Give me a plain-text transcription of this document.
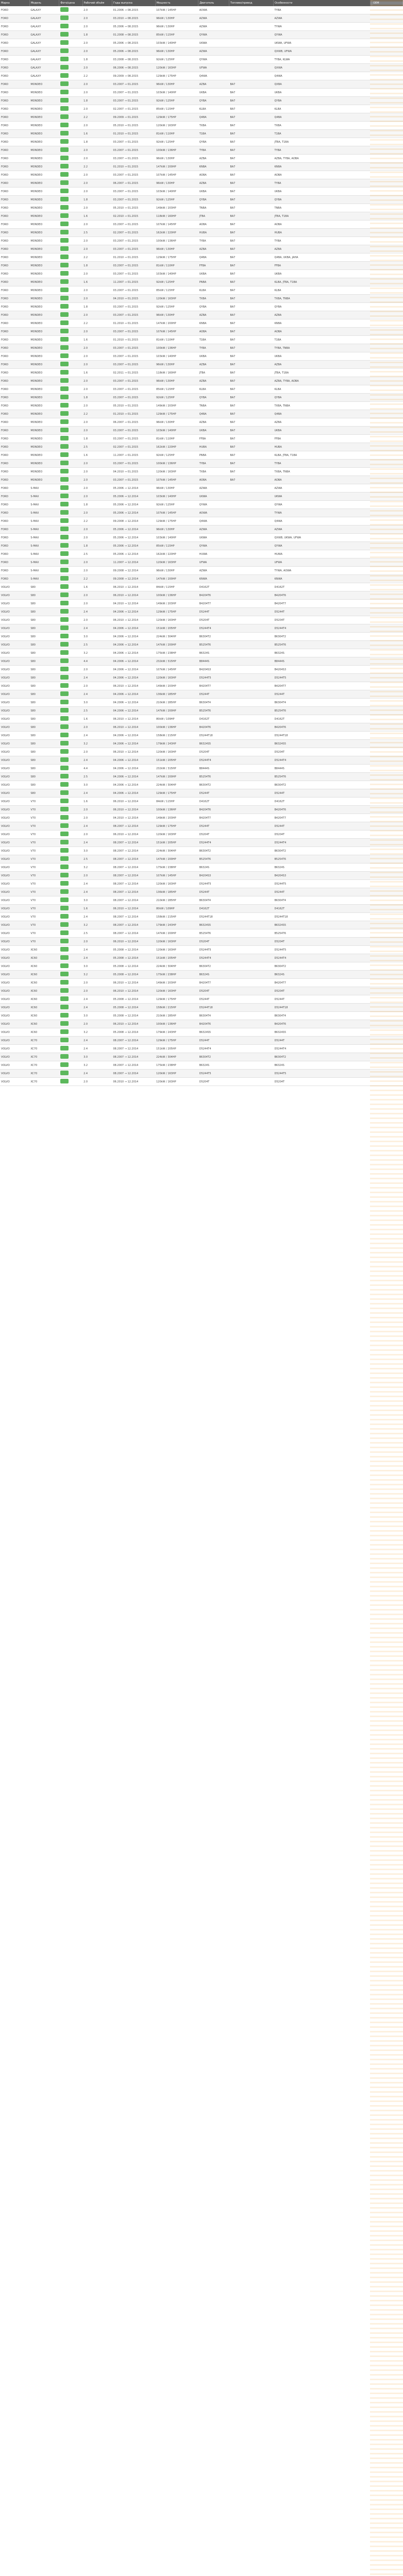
Марка	Модель	Фото/цена	Рабочий объём	Годы выпуска	Мощность	Двигатель	Топливо/привод	Особенности	OEM
FORD	GALAXY		2.0	01.2006 → 08.2015	107kW / 145HP	AOWA		TYBA	
FORD	GALAXY		2.0	03.2010 → 08.2015	96kW / 130HP	AZWA		AZWA	
FORD	GALAXY		2.0	05.2006 → 08.2015	96kW / 130HP	AZWA		TYWA	
FORD	GALAXY		1.8	01.2008 → 08.2015	85kW / 115HP	QYWA		QYWA	
FORD	GALAXY		2.0	05.2006 → 08.2015	103kW / 140HP	UKWA		UKWA, UFWA	
FORD	GALAXY		2.0	05.2006 → 08.2015	96kW / 130HP	AZWA		QXWB, UFWA	
FORD	GALAXY		1.8	03.2008 → 08.2015	92kW / 125HP	QYWA		TYBA, KLWA	
FORD	GALAXY		2.0	06.2006 → 08.2015	120kW / 163HP	UFWA		QXWA	
FORD	GALAXY		2.2	09.2009 → 08.2015	129kW / 175HP	Q4WA		Q4WA	
FORD	MONDEO		2.0	03.2007 → 01.2015	96kW / 130HP	AZBA	BA7	QXBA	
FORD	MONDEO		2.0	03.2007 → 01.2015	103kW / 140HP	UKBA	BA7	UKBA	
FORD	MONDEO		1.8	03.2007 → 01.2015	92kW / 125HP	QYBA	BA7	QYBA	
FORD	MONDEO		2.0	02.2007 → 01.2015	85kW / 115HP	KLBA	BA7	KLBA	
FORD	MONDEO		2.2	09.2009 → 01.2015	129kW / 175HP	Q4BA	BA7	Q4BA	
FORD	MONDEO		2.0	05.2010 → 01.2015	120kW / 163HP	TXBA	BA7	TXBA	
FORD	MONDEO		1.6	01.2010 → 01.2015	81kW / 110HP	T1BA	BA7	T1BA	
FORD	MONDEO		1.8	03.2007 → 01.2015	92kW / 125HP	QYBA	BA7	JTBA, T1BA	
FORD	MONDEO		2.0	03.2007 → 01.2015	100kW / 136HP	TYBA	BA7	TYBA	
FORD	MONDEO		2.0	03.2007 → 01.2015	96kW / 130HP	AZBA	BA7	AZBA, TYBA, AOBA	
FORD	MONDEO		2.2	01.2010 → 01.2015	147kW / 200HP	KNBA	BA7	KNBA	
FORD	MONDEO		2.0	03.2007 → 01.2015	107kW / 145HP	AOBA	BA7	AOBA	
FORD	MONDEO		2.0	06.2007 → 01.2015	96kW / 130HP	AZBA	BA7	TYBA	
FORD	MONDEO		2.0	03.2007 → 01.2015	103kW / 140HP	UKBA	BA7	UKBA	
FORD	MONDEO		1.8	03.2007 → 01.2015	92kW / 125HP	QYBA	BA7	QYBA	
FORD	MONDEO		2.0	05.2010 → 01.2015	149kW / 203HP	TNBA	BA7	TNBA	
FORD	MONDEO		1.6	02.2010 → 01.2015	118kW / 160HP	JTBA	BA7	JTBA, T1BA	
FORD	MONDEO		2.0	03.2007 → 01.2015	107kW / 145HP	AOBA	BA7	AOBA	
FORD	MONDEO		2.5	02.2007 → 01.2015	162kW / 220HP	HUBA	BA7	HUBA	
FORD	MONDEO		2.0	03.2007 → 01.2015	100kW / 136HP	TYBA	BA7	TYBA	
FORD	MONDEO		2.0	03.2007 → 01.2015	96kW / 130HP	AZBA	BA7	AZBA	
FORD	MONDEO		2.2	01.2010 → 01.2015	129kW / 175HP	Q4BA	BA7	Q4BA, UKBA, JAHA	
FORD	MONDEO		1.8	03.2007 → 01.2015	81kW / 110HP	FFBA	BA7	FFBA	
FORD	MONDEO		2.0	03.2007 → 01.2015	103kW / 140HP	UKBA	BA7	UKBA	
FORD	MONDEO		1.6	11.2007 → 01.2015	92kW / 125HP	PNBA	BA7	KLBA, JTBA, T1BA	
FORD	MONDEO		2.0	03.2007 → 01.2015	85kW / 115HP	KLBA	BA7	KLBA	
FORD	MONDEO		2.0	04.2010 → 01.2015	120kW / 163HP	TXBA	BA7	TXBA, TNBA	
FORD	MONDEO		1.8	03.2007 → 01.2015	92kW / 125HP	QYBA	BA7	QYBA	
FORD	MONDEO		2.0	03.2007 → 01.2015	96kW / 130HP	AZBA	BA7	AZBA	
FORD	MONDEO		2.2	01.2010 → 01.2015	147kW / 200HP	KNBA	BA7	KNBA	
FORD	MONDEO		2.0	03.2007 → 01.2015	107kW / 145HP	AOBA	BA7	AOBA	
FORD	MONDEO		1.6	01.2010 → 01.2015	81kW / 110HP	T1BA	BA7	T1BA	
FORD	MONDEO		2.0	03.2007 → 01.2015	100kW / 136HP	TYBA	BA7	TYBA, TNBA	
FORD	MONDEO		2.0	03.2007 → 01.2015	103kW / 140HP	UKBA	BA7	UKBA	
FORD	MONDEO		2.0	03.2007 → 01.2015	96kW / 130HP	AZBA	BA7	AZBA	
FORD	MONDEO		1.6	02.2011 → 01.2015	118kW / 160HP	JTBA	BA7	JTBA, T1BA	
FORD	MONDEO		2.0	03.2007 → 01.2015	96kW / 130HP	AZBA	BA7	AZBA, TYBA, AOBA	
FORD	MONDEO		2.0	03.2007 → 01.2015	85kW / 115HP	KLBA	BA7	KLBA	
FORD	MONDEO		1.8	03.2007 → 01.2015	92kW / 125HP	QYBA	BA7	QYBA	
FORD	MONDEO		2.0	05.2010 → 01.2015	149kW / 203HP	TNBA	BA7	TXBA, TNBA	
FORD	MONDEO		2.2	01.2010 → 01.2015	129kW / 175HP	Q4BA	BA7	Q4BA	
FORD	MONDEO		2.0	06.2007 → 01.2015	96kW / 130HP	AZBA	BA7	AZBA	
FORD	MONDEO		2.0	03.2007 → 01.2015	103kW / 140HP	UKBA	BA7	UKBA	
FORD	MONDEO		1.8	03.2007 → 01.2015	81kW / 110HP	FFBA	BA7	FFBA	
FORD	MONDEO		2.5	02.2007 → 01.2015	162kW / 220HP	HUBA	BA7	HUBA	
FORD	MONDEO		1.6	11.2007 → 01.2015	92kW / 125HP	PNBA	BA7	KLBA, JTBA, T1BA	
FORD	MONDEO		2.0	03.2007 → 01.2015	100kW / 136HP	TYBA	BA7	TYBA	
FORD	MONDEO		2.0	04.2010 → 01.2015	120kW / 163HP	TXBA	BA7	TXBA, TNBA	
FORD	MONDEO		2.0	03.2007 → 01.2015	107kW / 145HP	AOBA	BA7	AOBA	
FORD	S-MAX		2.0	05.2006 → 12.2014	96kW / 130HP	AZWA		AZWA	
FORD	S-MAX		2.0	05.2006 → 12.2014	103kW / 140HP	UKWA		UKWA	
FORD	S-MAX		1.8	05.2006 → 12.2014	92kW / 125HP	QYWA		QYWA	
FORD	S-MAX		2.0	05.2006 → 12.2014	107kW / 145HP	AOWA		TYWA	
FORD	S-MAX		2.2	09.2008 → 12.2014	129kW / 175HP	Q4WA		Q4WA	
FORD	S-MAX		2.0	05.2006 → 12.2014	96kW / 130HP	AZWA		AZWA	
FORD	S-MAX		2.0	05.2006 → 12.2014	103kW / 140HP	UKWA		QXWB, UKWA, UFWA	
FORD	S-MAX		1.8	05.2006 → 12.2014	85kW / 115HP	QYWA		QYWA	
FORD	S-MAX		2.5	05.2006 → 12.2014	162kW / 220HP	HUWA		HUWA	
FORD	S-MAX		2.0	11.2007 → 12.2014	120kW / 163HP	UFWA		UFWA	
FORD	S-MAX		2.0	09.2008 → 12.2014	96kW / 130HP	AZWA		TYWA, AOWA	
FORD	S-MAX		2.2	09.2008 → 12.2014	147kW / 200HP	KNWA		KNWA	
VOLVO	S80		1.6	06.2010 → 12.2014	84kW / 115HP	D4162T		D4162T	
VOLVO	S80		2.0	06.2010 → 12.2014	100kW / 136HP	B4204T6		B4204T6	
VOLVO	S80		2.0	04.2010 → 12.2014	149kW / 203HP	B4204T7		B4204T7	
VOLVO	S80		2.4	04.2006 → 12.2014	129kW / 175HP	D5244T		D5244T	
VOLVO	S80		2.0	06.2010 → 12.2014	120kW / 163HP	D5204T		D5204T	
VOLVO	S80		2.4	04.2006 → 12.2014	151kW / 205HP	D5244T4		D5244T4	
VOLVO	S80		3.0	04.2006 → 12.2014	224kW / 304HP	B6304T2		B6304T2	
VOLVO	S80		2.5	04.2006 → 12.2014	147kW / 200HP	B5254T6		B5254T6	
VOLVO	S80		3.2	04.2006 → 12.2014	175kW / 238HP	B6324S		B6324S	
VOLVO	S80		4.4	04.2006 → 12.2014	232kW / 315HP	B8444S		B8444S	
VOLVO	S80		2.0	04.2006 → 12.2014	107kW / 145HP	B4204S3		B4204S3	
VOLVO	S80		2.4	04.2006 → 12.2014	120kW / 163HP	D5244T5		D5244T5	
VOLVO	S80		2.0	06.2010 → 12.2014	149kW / 203HP	B4204T7		B4204T7	
VOLVO	S80		2.4	04.2006 → 12.2014	136kW / 185HP	D5244T		D5244T	
VOLVO	S80		3.0	04.2006 → 12.2014	210kW / 285HP	B6304T4		B6304T4	
VOLVO	S80		2.5	04.2006 → 12.2014	147kW / 200HP	B5254T6		B5254T6	
VOLVO	S80		1.6	06.2010 → 12.2014	80kW / 109HP	D4162T		D4162T	
VOLVO	S80		2.0	06.2010 → 12.2014	100kW / 136HP	B4204T6		B4204T6	
VOLVO	S80		2.4	04.2006 → 12.2014	158kW / 215HP	D5244T18		D5244T18	
VOLVO	S80		3.2	04.2006 → 12.2014	179kW / 243HP	B6324S5		B6324S5	
VOLVO	S80		2.0	06.2010 → 12.2014	120kW / 163HP	D5204T		D5204T	
VOLVO	S80		2.4	04.2006 → 12.2014	151kW / 205HP	D5244T4		D5244T4	
VOLVO	S80		4.4	04.2006 → 12.2014	232kW / 315HP	B8444S		B8444S	
VOLVO	S80		2.5	04.2006 → 12.2014	147kW / 200HP	B5254T6		B5254T6	
VOLVO	S80		3.0	04.2006 → 12.2014	224kW / 304HP	B6304T2		B6304T2	
VOLVO	S80		2.4	04.2006 → 12.2014	129kW / 175HP	D5244T		D5244T	
VOLVO	V70		1.6	06.2010 → 12.2014	84kW / 115HP	D4162T		D4162T	
VOLVO	V70		2.0	06.2010 → 12.2014	100kW / 136HP	B4204T6		B4204T6	
VOLVO	V70		2.0	04.2010 → 12.2014	149kW / 203HP	B4204T7		B4204T7	
VOLVO	V70		2.4	08.2007 → 12.2014	129kW / 175HP	D5244T		D5244T	
VOLVO	V70		2.0	06.2010 → 12.2014	120kW / 163HP	D5204T		D5204T	
VOLVO	V70		2.4	08.2007 → 12.2014	151kW / 205HP	D5244T4		D5244T4	
VOLVO	V70		3.0	08.2007 → 12.2014	224kW / 304HP	B6304T2		B6304T2	
VOLVO	V70		2.5	08.2007 → 12.2014	147kW / 200HP	B5254T6		B5254T6	
VOLVO	V70		3.2	08.2007 → 12.2014	175kW / 238HP	B6324S		B6324S	
VOLVO	V70		2.0	08.2007 → 12.2014	107kW / 145HP	B4204S3		B4204S3	
VOLVO	V70		2.4	08.2007 → 12.2014	120kW / 163HP	D5244T5		D5244T5	
VOLVO	V70		2.4	08.2007 → 12.2014	136kW / 185HP	D5244T		D5244T	
VOLVO	V70		3.0	08.2007 → 12.2014	210kW / 285HP	B6304T4		B6304T4	
VOLVO	V70		1.6	06.2010 → 12.2014	80kW / 109HP	D4162T		D4162T	
VOLVO	V70		2.4	08.2007 → 12.2014	158kW / 215HP	D5244T18		D5244T18	
VOLVO	V70		3.2	08.2007 → 12.2014	179kW / 243HP	B6324S5		B6324S5	
VOLVO	V70		2.5	08.2007 → 12.2014	147kW / 200HP	B5254T6		B5254T6	
VOLVO	V70		2.0	06.2010 → 12.2014	120kW / 163HP	D5204T		D5204T	
VOLVO	XC60		2.4	05.2008 → 12.2014	120kW / 163HP	D5244T5		D5244T5	
VOLVO	XC60		2.4	05.2008 → 12.2014	151kW / 205HP	D5244T4		D5244T4	
VOLVO	XC60		3.0	05.2008 → 12.2014	224kW / 304HP	B6304T2		B6304T2	
VOLVO	XC60		3.2	05.2008 → 12.2014	175kW / 238HP	B6324S		B6324S	
VOLVO	XC60		2.0	06.2010 → 12.2014	149kW / 203HP	B4204T7		B4204T7	
VOLVO	XC60		2.0	06.2010 → 12.2014	120kW / 163HP	D5204T		D5204T	
VOLVO	XC60		2.4	05.2008 → 12.2014	129kW / 175HP	D5244T		D5244T	
VOLVO	XC60		2.4	05.2008 → 12.2014	158kW / 215HP	D5244T18		D5244T18	
VOLVO	XC60		3.0	05.2008 → 12.2014	210kW / 285HP	B6304T4		B6304T4	
VOLVO	XC60		2.0	06.2010 → 12.2014	100kW / 136HP	B4204T6		B4204T6	
VOLVO	XC60		3.2	05.2008 → 12.2014	179kW / 243HP	B6324S5		B6324S5	
VOLVO	XC70		2.4	08.2007 → 12.2014	129kW / 175HP	D5244T		D5244T	
VOLVO	XC70		2.4	08.2007 → 12.2014	151kW / 205HP	D5244T4		D5244T4	
VOLVO	XC70		3.0	08.2007 → 12.2014	224kW / 304HP	B6304T2		B6304T2	
VOLVO	XC70		3.2	08.2007 → 12.2014	175kW / 238HP	B6324S		B6324S	
VOLVO	XC70		2.4	08.2007 → 12.2014	120kW / 163HP	D5244T5		D5244T5	
VOLVO	XC70		2.0	06.2010 → 12.2014	120kW / 163HP	D5204T		D5204T	
